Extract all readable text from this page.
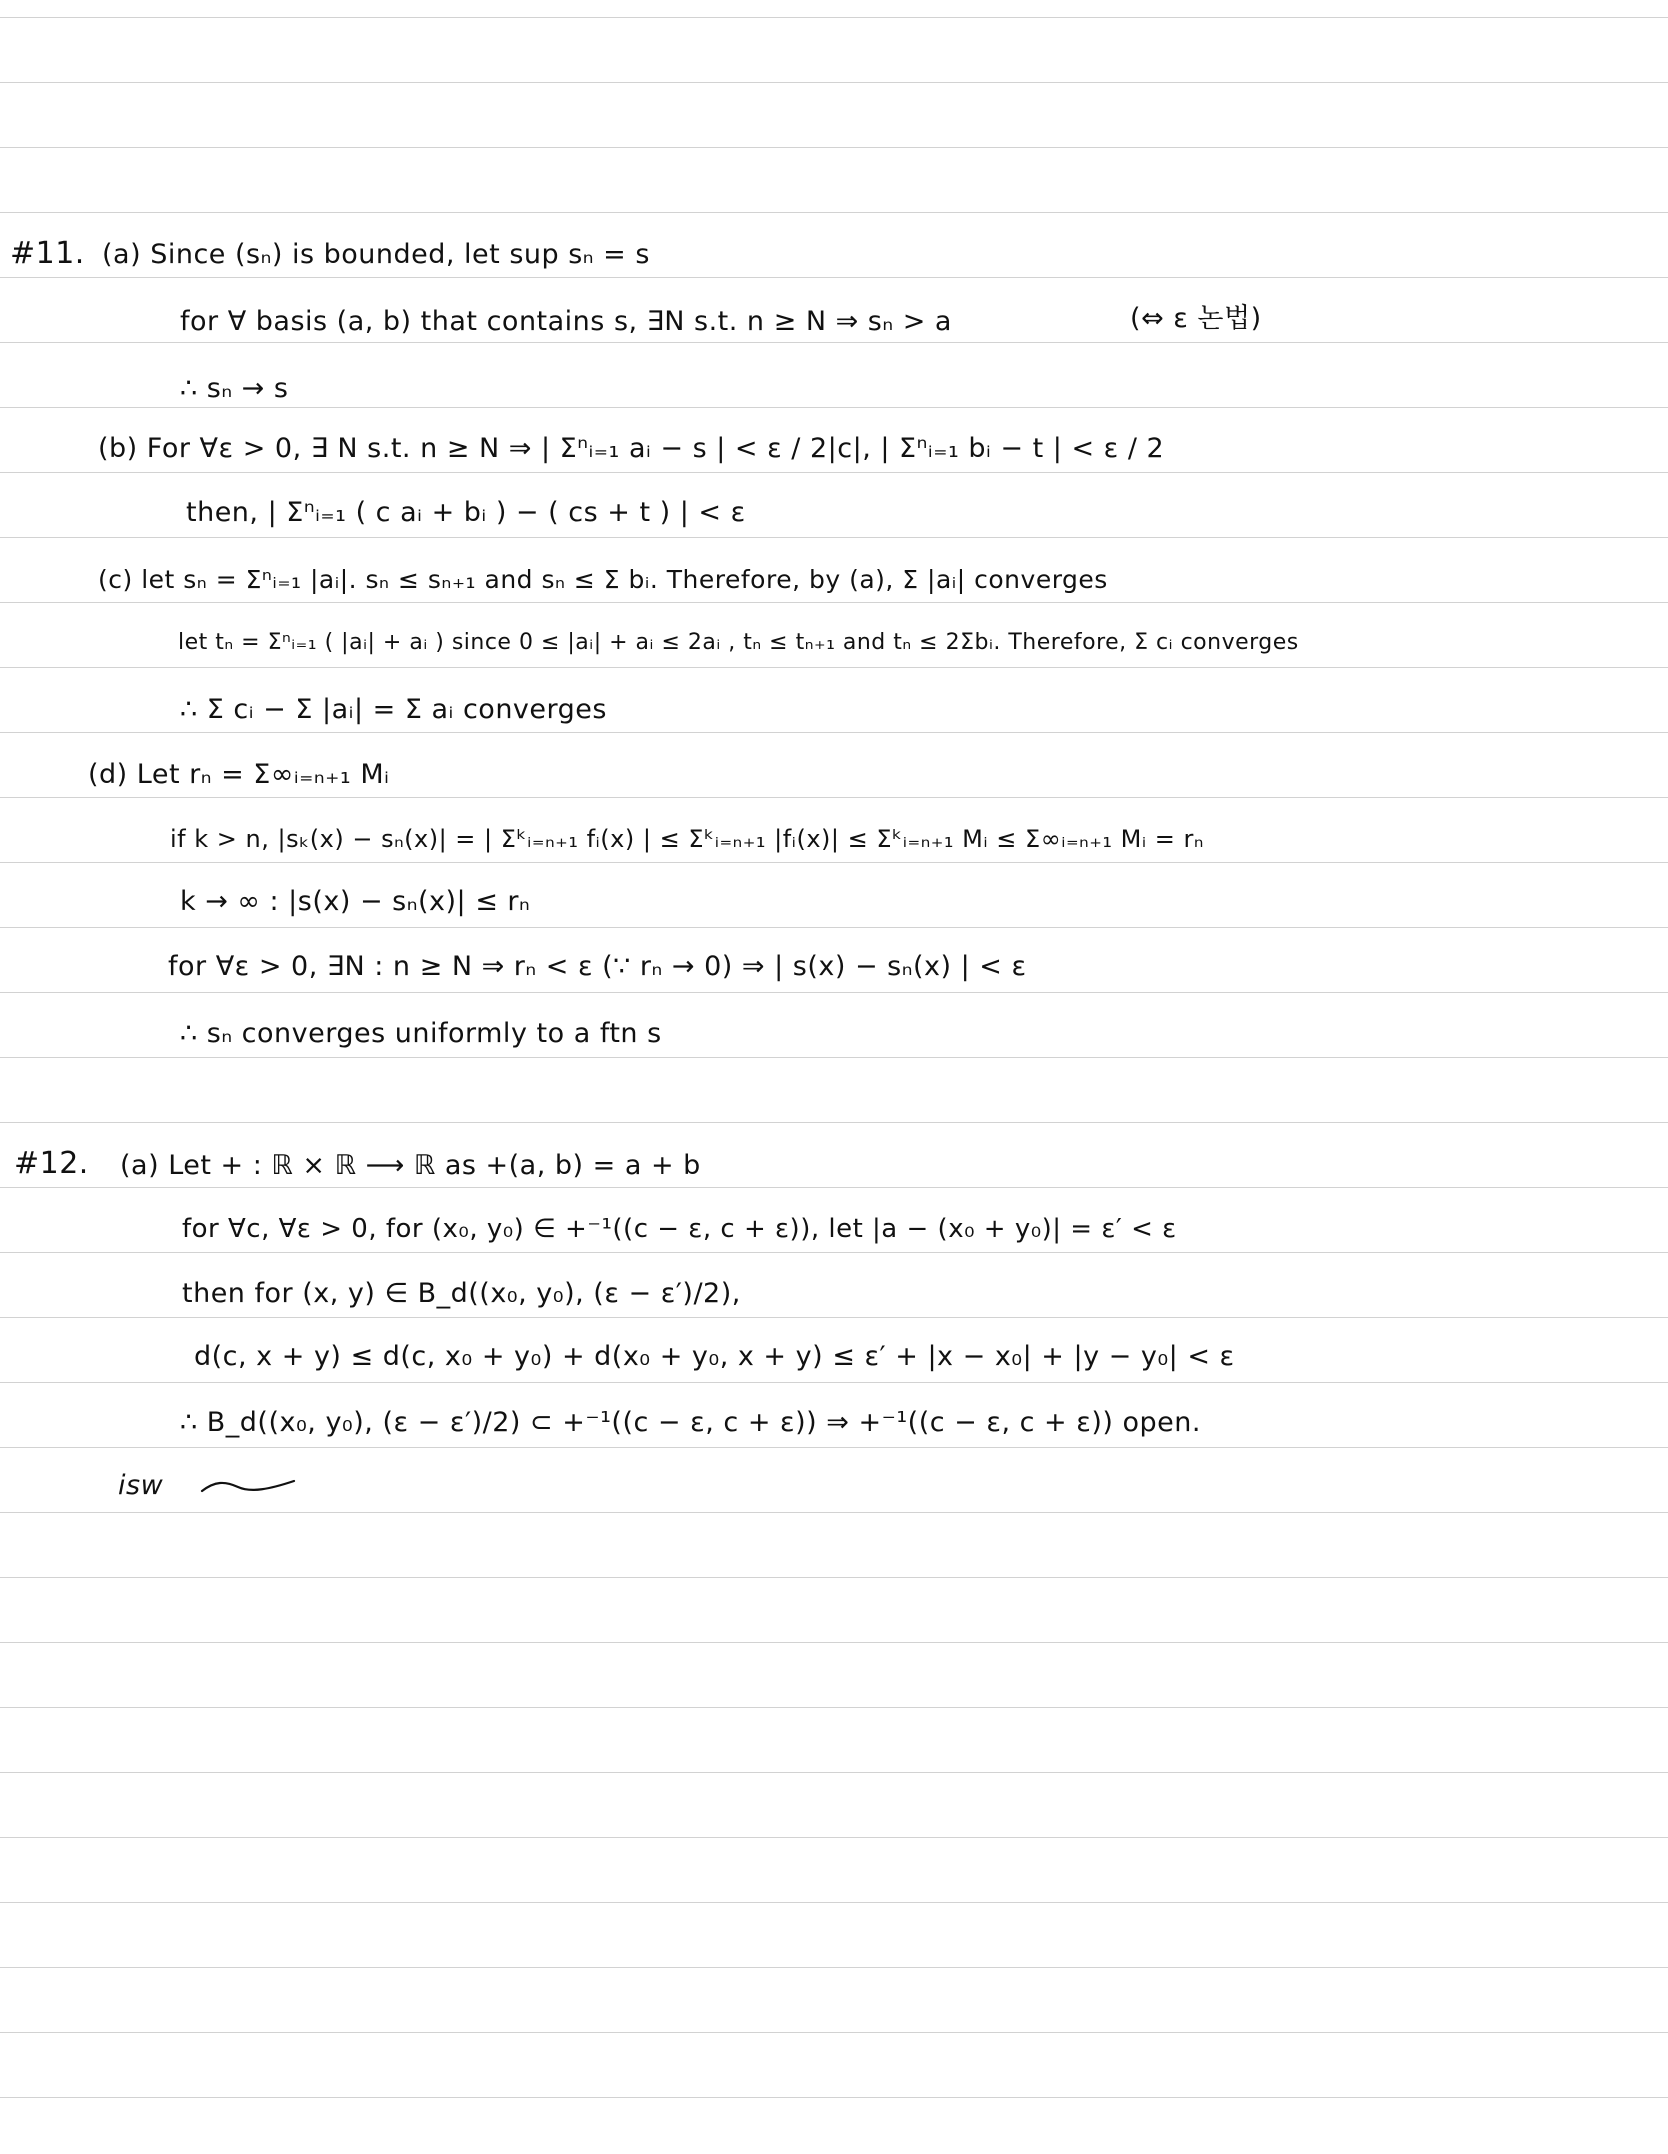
#11. (a) Since (sₙ) is bounded, let sup sₙ = s
for ∀ basis (a, b) that contains s, ∃N s.t. n ≥ N ⇒ sₙ > a	(⇔ ε 논법)
∴ sₙ → s
(b) For ∀ε > 0, ∃ N s.t. n ≥ N ⇒ | Σⁿᵢ₌₁ aᵢ − s | < ε / 2|c|, | Σⁿᵢ₌₁ bᵢ − t | < ε / 2
then, | Σⁿᵢ₌₁ ( c aᵢ + bᵢ ) − ( cs + t ) | < ε
(c) let sₙ = Σⁿᵢ₌₁ |aᵢ|. sₙ ≤ sₙ₊₁ and sₙ ≤ Σ bᵢ. Therefore, by (a), Σ |aᵢ| converges
let tₙ = Σⁿᵢ₌₁ ( |aᵢ| + aᵢ ) since 0 ≤ |aᵢ| + aᵢ ≤ 2aᵢ , tₙ ≤ tₙ₊₁ and tₙ ≤ 2Σbᵢ. Therefore, Σ cᵢ converges
∴ Σ cᵢ − Σ |aᵢ| = Σ aᵢ converges
(d) Let rₙ = Σ∞ᵢ₌ₙ₊₁ Mᵢ
if k > n, |sₖ(x) − sₙ(x)| = | Σᵏᵢ₌ₙ₊₁ fᵢ(x) | ≤ Σᵏᵢ₌ₙ₊₁ |fᵢ(x)| ≤ Σᵏᵢ₌ₙ₊₁ Mᵢ ≤ Σ∞ᵢ₌ₙ₊₁ Mᵢ = rₙ
k → ∞ : |s(x) − sₙ(x)| ≤ rₙ
for ∀ε > 0, ∃N : n ≥ N ⇒ rₙ < ε (∵ rₙ → 0) ⇒ | s(x) − sₙ(x) | < ε
∴ sₙ converges uniformly to a ftn s
#12. (a) Let + : ℝ × ℝ ⟶ ℝ as +(a, b) = a + b
for ∀c, ∀ε > 0, for (x₀, y₀) ∈ +⁻¹((c − ε, c + ε)), let |a − (x₀ + y₀)| = ε′ < ε
then for (x, y) ∈ B_d((x₀, y₀), (ε − ε′)/2),
d(c, x + y) ≤ d(c, x₀ + y₀) + d(x₀ + y₀, x + y) ≤ ε′ + |x − x₀| + |y − y₀| < ε
∴ B_d((x₀, y₀), (ε − ε′)/2) ⊂ +⁻¹((c − ε, c + ε)) ⇒ +⁻¹((c − ε, c + ε)) open.
isw
